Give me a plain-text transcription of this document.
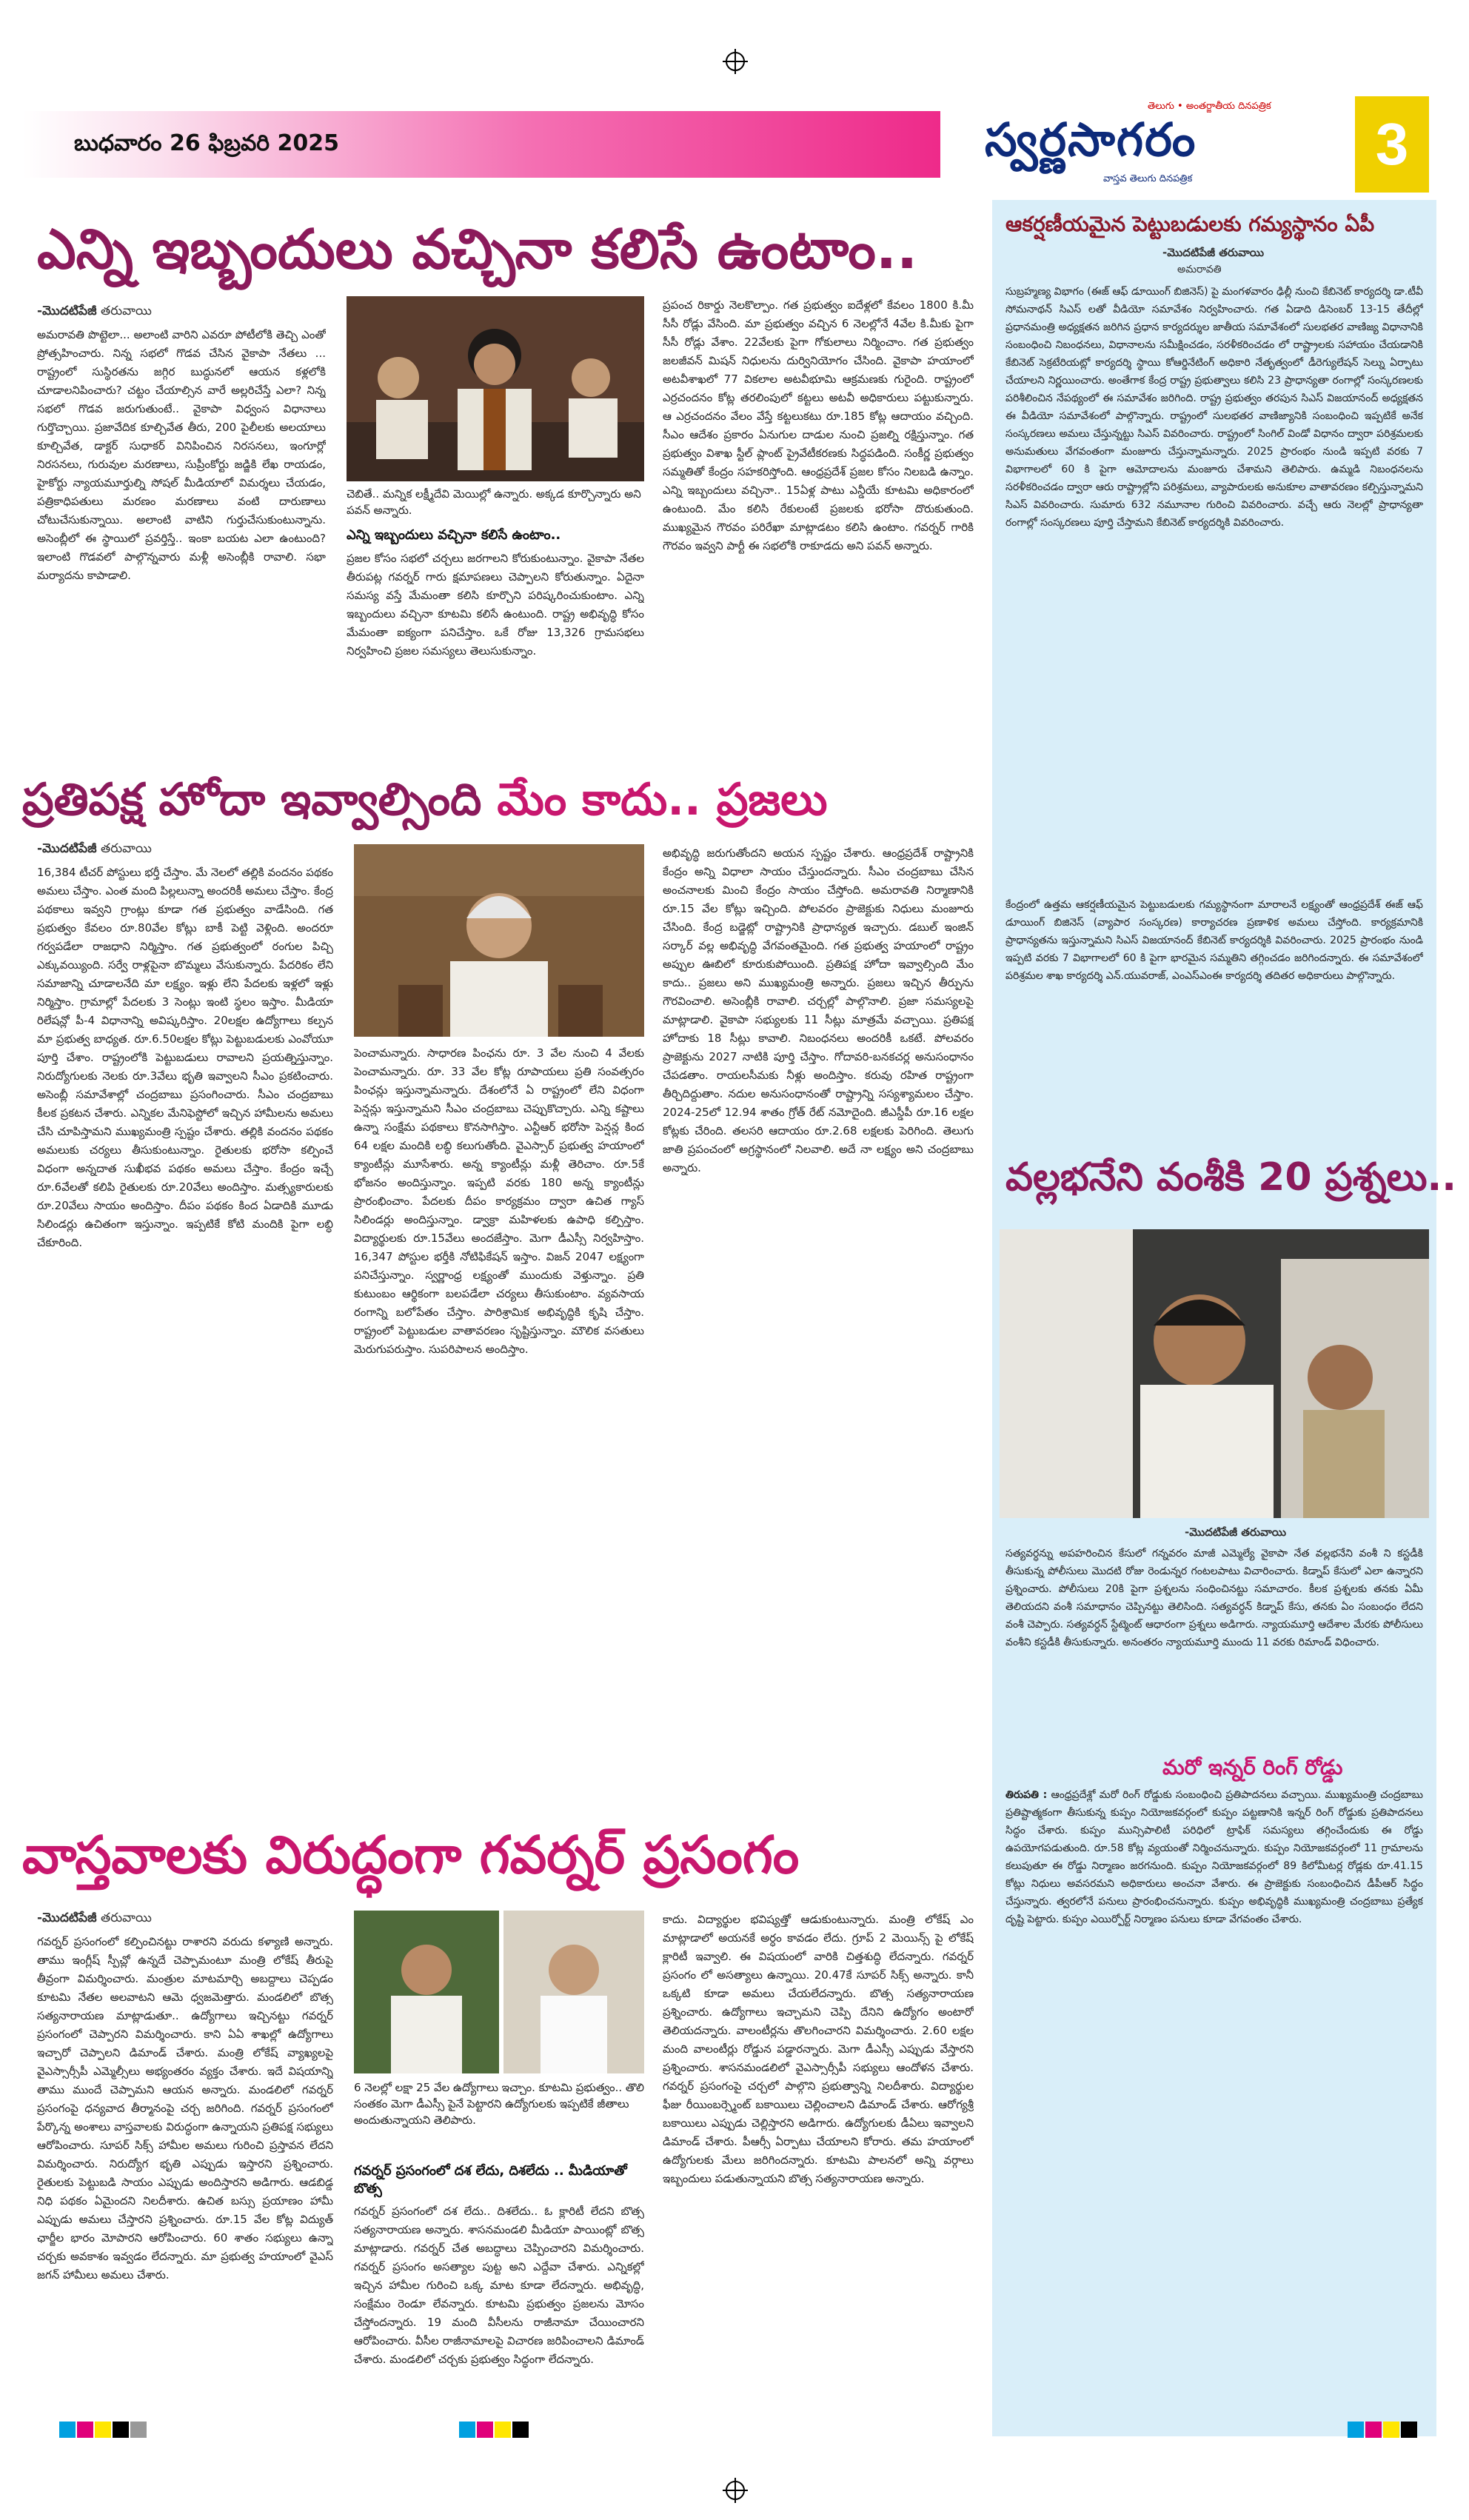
బుధవారం 26 ఫిబ్రవరి 2025
తెలుగు • అంతర్జాతీయ దినపత్రిక
స్వర్ణసాగరం
వాస్తవ తెలుగు దినపత్రిక
3
ఎన్ని ఇబ్బందులు వచ్చినా కలిసే ఉంటాం..
-మొదటిపేజీ తరువాయి
అమరావతి పొట్టెలా... అలాంటి వారిని ఎవరూ పోటీలోకి తెచ్చి ఎంతో ప్రోత్సహించారు. నిన్న సభలో గొడవ చేసిన వైకాపా నేతలు ... రాష్ట్రంలో సుస్థిరతను జగ్గిర బుద్ధునలో ఆయన కళ్లలోకి చూడాలనిపించారు? చట్టం చేయాల్సిన వారే అల్లరిచేస్తే ఎలా? నిన్న సభలో గొడవ జరుగుతుంటే.. వైకాపా విధ్వంస విధానాలు గుర్తొచ్చాయి. ప్రజావేదిక కూల్చివేత తీరు, 200 పైలీలకు అలయాలు కూల్చివేత, డాక్టర్ సుధాకర్ వినిపించిన నిరసనలు, ఇంగూర్లో నిరసనలు, గురువుల మరణాలు, సుప్రీంకోర్టు జడ్జికి లేఖ రాయడం, హైకోర్టు న్యాయమూర్తుల్ని సోషల్ మీడియాలో విమర్శలు చేయడం, పత్రికాధిపతులు మరణం మరణాలు వంటి దారుణాలు చోటుచేసుకున్నాయి. అలాంటి వాటిని గుర్తుచేసుకుంటున్నాను. అసెంబ్లీలో ఈ స్థాయిలో ప్రవర్తిస్తే.. ఇంకా బయట ఎలా ఉంటుంది? ఇలాంటి గొడవలో పాల్గొన్నవారు మళ్లీ అసెంబ్లీకి రావాలి. సభా మర్యాదను కాపాడాలి.
చెబితే.. మన్నిక లక్ష్మీదేవి మెయిల్లో ఉన్నారు. అక్కడ కూర్చొన్నారు అని పవన్ అన్నారు.
ఎన్ని ఇబ్బందులు వచ్చినా కలిసే ఉంటాం..
ప్రజల కోసం సభలో చర్చలు జరగాలని కోరుకుంటున్నాం. వైకాపా నేతల తీరుపట్ల గవర్నర్ గారు క్షమాపణలు చెప్పాలని కోరుతున్నాం. ఏదైనా సమస్య వస్తే మేమంతా కలిసి కూర్చొని పరిష్కరించుకుంటాం. ఎన్ని ఇబ్బందులు వచ్చినా కూటమి కలిసే ఉంటుంది. రాష్ట్ర అభివృద్ధి కోసం మేమంతా ఐక్యంగా పనిచేస్తాం. ఒకే రోజు 13,326 గ్రామసభలు నిర్వహించి ప్రజల సమస్యలు తెలుసుకున్నాం.
ప్రపంచ రికార్డు నెలకొల్పాం. గత ప్రభుత్వం ఐదేళ్లలో కేవలం 1800 కి.మీ సీసీ రోడ్లు వేసింది. మా ప్రభుత్వం వచ్చిన 6 నెలల్లోనే 4వేల కి.మీకు పైగా సీసీ రోడ్లు వేశాం. 22వేలకు పైగా గోకులాలు నిర్మించాం. గత ప్రభుత్వం జలజీవన్ మిషన్ నిధులను దుర్వినియోగం చేసింది. వైకాపా హయాంలో అటవీశాఖలో 77 వికలాల అటవీభూమి ఆక్రమణకు గురైంది. రాష్ట్రంలో ఎర్రచందనం కోట్ల తరలింపులో కట్టలు అటవీ అధికారులు పట్టుకున్నారు. ఆ ఎర్రచందనం వేలం వేస్తే కట్టలుకటు రూ.185 కోట్ల ఆదాయం వచ్చింది. సీఎం ఆదేశం ప్రకారం ఏనుగుల దాడుల నుంచి ప్రజల్ని రక్షిస్తున్నాం. గత ప్రభుత్వం విశాఖ స్టీల్ ప్లాంట్ ప్రైవేటీకరణకు సిద్ధపడింది. సంకీర్ణ ప్రభుత్వం సమ్మతితో కేంద్రం సహకరిస్తోంది. ఆంధ్రప్రదేశ్ ప్రజల కోసం నిలబడి ఉన్నాం. ఎన్ని ఇబ్బందులు వచ్చినా.. 15ఏళ్ల పాటు ఎన్డీయే కూటమి అధికారంలో ఉంటుంది. మేం కలిసి రేకులంటే ప్రజలకు భరోసా దొరుకుతుంది. ముఖ్యమైన గౌరవం పరిరేఖా మాట్లాడటం కలిసి ఉంటాం. గవర్నర్ గారికి గౌరవం ఇవ్వని పార్టీ ఈ సభలోకి రాకూడదు అని పవన్ అన్నారు.
ప్రతిపక్ష హోదా ఇవ్వాల్సింది మేం కాదు.. ప్రజలు
-మొదటిపేజీ తరువాయి
16,384 టీచర్ పోస్టులు భర్తీ చేస్తాం. మే నెలలో తల్లికి వందనం పథకం అమలు చేస్తాం. ఎంత మంది పిల్లలున్నా అందరికీ అమలు చేస్తాం. కేంద్ర పథకాలు ఇవ్వని గ్రాంట్లు కూడా గత ప్రభుత్వం వాడేసింది. గత ప్రభుత్వం కేవలం రూ.80వేల కోట్లు బాకీ పెట్టి వెళ్లింది. అందరూ గర్వపడేలా రాజధాని నిర్మిస్తాం. గత ప్రభుత్వంలో రంగుల పిచ్చి ఎక్కువయ్యింది. సర్వే రాళ్లపైనా బొమ్మలు వేసుకున్నారు. పేదరికం లేని సమాజాన్ని చూడాలనేది మా లక్ష్యం. ఇళ్లు లేని పేదలకు ఇళ్లలో ఇళ్లు నిర్మిస్తాం. గ్రామాల్లో పేదలకు 3 సెంట్లు ఇంటి స్థలం ఇస్తాం. మీడియా రిలేషన్లో పీ-4 విధానాన్ని అవిష్కరిస్తాం. 20లక్షల ఉద్యోగాలు కల్పన మా ప్రభుత్వ బాధ్యత. రూ.6.50లక్షల కోట్లు పెట్టుబడులకు ఎంవోయూ పూర్తి చేశాం. రాష్ట్రంలోకి పెట్టుబడులు రావాలని ప్రయత్నిస్తున్నాం. నిరుద్యోగులకు నెలకు రూ.3వేలు భృతి ఇవ్వాలని సీఎం ప్రకటించారు. అసెంబ్లీ సమావేశాల్లో చంద్రబాబు ప్రసంగించారు. సీఎం చంద్రబాబు కీలక ప్రకటన చేశారు. ఎన్నికల మేనిఫెస్టోలో ఇచ్చిన హామీలను అమలు చేసి చూపిస్తామని ముఖ్యమంత్రి స్పష్టం చేశారు. తల్లికి వందనం పథకం అమలుకు చర్యలు తీసుకుంటున్నాం. రైతులకు భరోసా కల్పించే విధంగా అన్నదాత సుఖీభవ పథకం అమలు చేస్తాం. కేంద్రం ఇచ్చే రూ.6వేలతో కలిపి రైతులకు రూ.20వేలు అందిస్తాం. మత్స్యకారులకు రూ.20వేలు సాయం అందిస్తాం. దీపం పథకం కింద ఏడాదికి మూడు సిలిండర్లు ఉచితంగా ఇస్తున్నాం. ఇప్పటికే కోటి మందికి పైగా లబ్ధి చేకూరింది.
పెంచామన్నారు. సాధారణ పింఛను రూ. 3 వేల నుంచి 4 వేలకు పెంచామన్నారు. రూ. 33 వేల కోట్ల రూపాయలు ప్రతి సంవత్సరం పింఛన్లు ఇస్తున్నామన్నారు. దేశంలోనే ఏ రాష్ట్రంలో లేని విధంగా పెన్షన్లు ఇస్తున్నామని సీఎం చంద్రబాబు చెప్పుకొచ్చారు. ఎన్ని కష్టాలు ఉన్నా సంక్షేమ పథకాలు కొనసాగిస్తాం. ఎన్టీఆర్ భరోసా పెన్షన్ల కింద 64 లక్షల మందికి లబ్ధి కలుగుతోంది. వైఎస్సార్ ప్రభుత్వ హయాంలో క్యాంటీన్లు మూసేశారు. అన్న క్యాంటీన్లు మళ్లీ తెరిచాం. రూ.5కే భోజనం అందిస్తున్నాం. ఇప్పటి వరకు 180 అన్న క్యాంటీన్లు ప్రారంభించాం. పేదలకు దీపం కార్యక్రమం ద్వారా ఉచిత గ్యాస్ సిలిండర్లు అందిస్తున్నాం. డ్వాక్రా మహిళలకు ఉపాధి కల్పిస్తాం. విద్యార్థులకు రూ.15వేలు అందజేస్తాం. మెగా డీఎస్సీ నిర్వహిస్తాం. 16,347 పోస్టుల భర్తీకి నోటిఫికేషన్ ఇస్తాం. విజన్ 2047 లక్ష్యంగా పనిచేస్తున్నాం. స్వర్ణాంధ్ర లక్ష్యంతో ముందుకు వెళ్తున్నాం. ప్రతి కుటుంబం ఆర్థికంగా బలపడేలా చర్యలు తీసుకుంటాం. వ్యవసాయ రంగాన్ని బలోపేతం చేస్తాం. పారిశ్రామిక అభివృద్ధికి కృషి చేస్తాం. రాష్ట్రంలో పెట్టుబడుల వాతావరణం సృష్టిస్తున్నాం. మౌలిక వసతులు మెరుగుపరుస్తాం. సుపరిపాలన అందిస్తాం.
అభివృద్ధి జరుగుతోందని అయన స్పష్టం చేశారు. ఆంధ్రప్రదేశ్ రాష్ట్రానికి కేంద్రం అన్ని విధాలా సాయం చేస్తుందన్నారు. సీఎం చంద్రబాబు చేసిన అంచనాలకు మించి కేంద్రం సాయం చేస్తోంది. అమరావతి నిర్మాణానికి రూ.15 వేల కోట్లు ఇచ్చింది. పోలవరం ప్రాజెక్టుకు నిధులు మంజూరు చేసింది. కేంద్ర బడ్జెట్లో రాష్ట్రానికి ప్రాధాన్యత ఇచ్చారు. డబుల్ ఇంజిన్ సర్కార్ వల్ల అభివృద్ధి వేగవంతమైంది. గత ప్రభుత్వ హయాంలో రాష్ట్రం అప్పుల ఊబిలో కూరుకుపోయింది. ప్రతిపక్ష హోదా ఇవ్వాల్సింది మేం కాదు.. ప్రజలు అని ముఖ్యమంత్రి అన్నారు. ప్రజలు ఇచ్చిన తీర్పును గౌరవించాలి. అసెంబ్లీకి రావాలి. చర్చల్లో పాల్గొనాలి. ప్రజా సమస్యలపై మాట్లాడాలి. వైకాపా సభ్యులకు 11 సీట్లు మాత్రమే వచ్చాయి. ప్రతిపక్ష హోదాకు 18 సీట్లు కావాలి. నిబంధనలు అందరికీ ఒకటే. పోలవరం ప్రాజెక్టును 2027 నాటికి పూర్తి చేస్తాం. గోదావరి-బనకచర్ల అనుసంధానం చేపడతాం. రాయలసీమకు నీళ్లు అందిస్తాం. కరువు రహిత రాష్ట్రంగా తీర్చిదిద్దుతాం. నదుల అనుసంధానంతో రాష్ట్రాన్ని సస్యశ్యామలం చేస్తాం. 2024-25లో 12.94 శాతం గ్రోత్ రేట్ నమోదైంది. జీఎస్డీపీ రూ.16 లక్షల కోట్లకు చేరింది. తలసరి ఆదాయం రూ.2.68 లక్షలకు పెరిగింది. తెలుగు జాతి ప్రపంచంలో అగ్రస్థానంలో నిలవాలి. అదే నా లక్ష్యం అని చంద్రబాబు అన్నారు.
వాస్తవాలకు విరుద్ధంగా గవర్నర్ ప్రసంగం
-మొదటిపేజీ తరువాయి
గవర్నర్ ప్రసంగంలో కల్పించినట్టు రాశారని వరుదు కళ్యాణి అన్నారు. తాము ఇంగ్లీష్ స్పీచ్లో ఉన్నదే చెప్పామంటూ మంత్రి లోకేష్ తీరుపై తీవ్రంగా విమర్శించారు. మంత్రుల మాటమార్చి అబద్దాలు చెప్పడం కూటమి నేతల అలవాటని ఆమె ధ్వజమెత్తారు. మండలిలో బొత్స సత్యనారాయణ మాట్లాడుతూ.. ఉద్యోగాలు ఇచ్చినట్టు గవర్నర్ ప్రసంగంలో చెప్పారని విమర్శించారు. కాని ఏఏ శాఖల్లో ఉద్యోగాలు ఇచ్చారో చెప్పాలని డిమాండ్ చేశారు. మంత్రి లోకేష్ వ్యాఖ్యలపై వైఎస్సార్సీపీ ఎమ్మెల్సీలు అభ్యంతరం వ్యక్తం చేశారు. ఇదే విషయాన్ని తాము ముందే చెప్పామని ఆయన అన్నారు. మండలిలో గవర్నర్ ప్రసంగంపై ధన్యవాద తీర్మానంపై చర్చ జరిగింది. గవర్నర్ ప్రసంగంలో పేర్కొన్న అంశాలు వాస్తవాలకు విరుద్ధంగా ఉన్నాయని ప్రతిపక్ష సభ్యులు ఆరోపించారు. సూపర్ సిక్స్ హామీల అమలు గురించి ప్రస్తావన లేదని విమర్శించారు. నిరుద్యోగ భృతి ఎప్పుడు ఇస్తారని ప్రశ్నించారు. రైతులకు పెట్టుబడి సాయం ఎప్పుడు అందిస్తారని అడిగారు. ఆడబిడ్డ నిధి పథకం ఏమైందని నిలదీశారు. ఉచిత బస్సు ప్రయాణం హామీ ఎప్పుడు అమలు చేస్తారని ప్రశ్నించారు. రూ.15 వేల కోట్ల విద్యుత్ ఛార్జీల భారం మోపారని ఆరోపించారు. 60 శాతం సభ్యులు ఉన్నా చర్చకు అవకాశం ఇవ్వడం లేదన్నారు. మా ప్రభుత్వ హయాంలో వైఎస్ జగన్ హామీలు అమలు చేశారు.
6 నెలల్లో లక్షా 25 వేల ఉద్యోగాలు ఇచ్చాం. కూటమి ప్రభుత్వం.. తొలి సంతకం మెగా డీఎస్సీ పైనే పెట్టారని ఉద్యోగులకు ఇప్పటికే జీతాలు అందుతున్నాయని తెలిపారు.
గవర్నర్ ప్రసంగంలో దశ లేదు, దిశలేదు .. మీడియాతో బొత్స
గవర్నర్ ప్రసంగంలో దశ లేదు.. దిశలేదు.. ఓ క్లారిటీ లేదని బొత్స సత్యనారాయణ అన్నారు. శాసనమండలి మీడియా పాయింట్లో బొత్స మాట్లాడారు. గవర్నర్ చేత అబద్ధాలు చెప్పించారని విమర్శించారు. గవర్నర్ ప్రసంగం అసత్యాల పుట్ట అని ఎద్దేవా చేశారు. ఎన్నికల్లో ఇచ్చిన హామీల గురించి ఒక్క మాట కూడా లేదన్నారు. అభివృద్ధి, సంక్షేమం రెండూ లేవన్నారు. కూటమి ప్రభుత్వం ప్రజలను మోసం చేస్తోందన్నారు. 19 మంది వీసీలను రాజీనామా చేయించారని ఆరోపించారు. వీసీల రాజీనామాలపై విచారణ జరిపించాలని డిమాండ్ చేశారు. మండలిలో చర్చకు ప్రభుత్వం సిద్ధంగా లేదన్నారు.
కాదు. విద్యార్థుల భవిష్యత్తో ఆడుకుంటున్నారు. మంత్రి లోకేష్ ఎం మాట్లాడాలో అయనకే అర్ధం కావడం లేదు. గ్రూప్ 2 మెయిన్స్ పై లోకేష్ క్లారిటీ ఇవ్వాలి. ఈ విషయంలో వారికి చిత్తశుద్ధి లేదన్నారు. గవర్నర్ ప్రసంగం లో అసత్యాలు ఉన్నాయి. 20.47కే సూపర్ సిక్స్ అన్నారు. కానీ ఒక్కటి కూడా అమలు చేయలేదన్నారు. బొత్స సత్యనారాయణ ప్రశ్నించారు. ఉద్యోగాలు ఇచ్చామని చెప్పి దేనిని ఉద్యోగం అంటారో తెలియదన్నారు. వాలంటీర్లను తొలగించారని విమర్శించారు. 2.60 లక్షల మంది వాలంటీర్లు రోడ్డున పడ్డారన్నారు. మెగా డీఎస్సీ ఎప్పుడు వేస్తారని ప్రశ్నించారు. శాసనమండలిలో వైఎస్సార్సీపీ సభ్యులు ఆందోళన చేశారు. గవర్నర్ ప్రసంగంపై చర్చలో పాల్గొని ప్రభుత్వాన్ని నిలదీశారు. విద్యార్థుల ఫీజు రీయింబర్స్మెంట్ బకాయిలు చెల్లించాలని డిమాండ్ చేశారు. ఆరోగ్యశ్రీ బకాయిలు ఎప్పుడు చెల్లిస్తారని అడిగారు. ఉద్యోగులకు డీఏలు ఇవ్వాలని డిమాండ్ చేశారు. పీఆర్సీ ఏర్పాటు చేయాలని కోరారు. తమ హయాంలో ఉద్యోగులకు మేలు జరిగిందన్నారు. కూటమి పాలనలో అన్ని వర్గాలు ఇబ్బందులు పడుతున్నాయని బొత్స సత్యనారాయణ అన్నారు.
ఆకర్షణీయమైన పెట్టుబడులకు గమ్యస్థానం ఏపీ
-మొదటిపేజీ తరువాయి
అమరావతి
సుబ్రహ్మణ్య విభాగం (ఈజ్ ఆఫ్ డూయింగ్ బిజినెస్) పై మంగళవారం ఢిల్లీ నుంచి కేబినెట్ కార్యదర్శి డా.టీవీ సోమనాథన్ సిఎస్ లతో వీడియో సమావేశం నిర్వహించారు. గత ఏడాది డిసెంబర్ 13-15 తేదీల్లో ప్రధానమంత్రి అధ్యక్షతన జరిగిన ప్రధాన కార్యదర్శుల జాతీయ సమావేశంలో సులభతర వాణిజ్య విధానానికి సంబంధించి నిబంధనలు, విధానాలను సమీక్షించడం, సరళీకరించడం లో రాష్ట్రాలకు సహాయం చేయడానికి కేబినెట్ సెక్రటేరియట్లో కార్యదర్శి స్థాయి కోఆర్డినేటింగ్ అధికారి నేతృత్వంలో డీరెగ్యులేషన్ సెల్ను ఏర్పాటు చేయాలని నిర్ణయించారు. అంతేగాక కేంద్ర రాష్ట్ర ప్రభుత్వాలు కలిసి 23 ప్రాధాన్యతా రంగాల్లో సంస్కరణలకు పరిశీలించిన నేపథ్యంలో ఈ సమావేశం జరిగింది. రాష్ట్ర ప్రభుత్వం తరపున సిఎస్ విజయానంద్ అధ్యక్షతన ఈ వీడియో సమావేశంలో పాల్గొన్నారు. రాష్ట్రంలో సులభతర వాణిజ్యానికి సంబంధించి ఇప్పటికే అనేక సంస్కరణలు అమలు చేస్తున్నట్టు సిఎస్ వివరించారు. రాష్ట్రంలో సింగిల్ విండో విధానం ద్వారా పరిశ్రమలకు అనుమతులు వేగవంతంగా మంజూరు చేస్తున్నామన్నారు. 2025 ప్రారంభం నుండి ఇప్పటి వరకు 7 విభాగాలలో 60 కి పైగా ఆమోదాలను మంజూరు చేశామని తెలిపారు. ఉమ్మడి నిబంధనలను సరళీకరించడం ద్వారా ఆరు రాష్ట్రాల్లోని పరిశ్రమలు, వ్యాపారులకు అనుకూల వాతావరణం కల్పిస్తున్నామని సిఎస్ వివరించారు. సుమారు 632 నమూనాల గురించి వివరించారు. వచ్చే ఆరు నెలల్లో ప్రాధాన్యతా రంగాల్లో సంస్కరణలు పూర్తి చేస్తామని కేబినెట్ కార్యదర్శికి వివరించారు.
కేంద్రంలో ఉత్తమ ఆకర్షణీయమైన పెట్టుబడులకు గమ్యస్థానంగా మారాలనే లక్ష్యంతో ఆంధ్రప్రదేశ్ ఈజ్ ఆఫ్ డూయింగ్ బిజినెస్ (వ్యాపార సంస్కరణ) కార్యాచరణ ప్రణాళిక అమలు చేస్తోంది. కార్యక్రమానికి ప్రాధాన్యతను ఇస్తున్నామని సిఎస్ విజయానంద్ కేబినెట్ కార్యదర్శికి వివరించారు. 2025 ప్రారంభం నుండి ఇప్పటి వరకు 7 విభాగాలలో 60 కి పైగా భారమైన సమ్మతిని తగ్గించడం జరిగిందన్నారు. ఈ సమావేశంలో పరిశ్రమల శాఖ కార్యదర్శి ఎన్.యువరాజ్, ఎంఎస్ఎంఈ కార్యదర్శి తదితర అధికారులు పాల్గొన్నారు.
వల్లభనేని వంశీకి 20 ప్రశ్నలు..
-మొదటిపేజీ తరువాయి
సత్యవర్ధన్ను అపహరించిన కేసులో గన్నవరం మాజీ ఎమ్మెల్యే వైకాపా నేత వల్లభనేని వంశీ ని కస్టడీకి తీసుకున్న పోలీసులు మొదటి రోజు రెండున్నర గంటలపాటు విచారించారు. కిడ్నాప్ కేసులో ఎలా ఉన్నారని ప్రశ్నించారు. పోలీసులు 20కి పైగా ప్రశ్నలను సంధించినట్టు సమాచారం. కీలక ప్రశ్నలకు తనకు ఏమీ తెలియదని వంశీ సమాధానం చెప్పినట్టు తెలిసింది. సత్యవర్ధన్ కిడ్నాప్ కేసు, తనకు ఏం సంబంధం లేదని వంశీ చెప్పారు. సత్యవర్ధన్ స్టేట్మెంట్ ఆధారంగా ప్రశ్నలు అడిగారు. న్యాయమూర్తి ఆదేశాల మేరకు పోలీసులు వంశీని కస్టడీకి తీసుకున్నారు. అనంతరం న్యాయమూర్తి ముందు 11 వరకు రిమాండ్ విధించారు.
మరో ఇన్నర్ రింగ్ రోడ్డు
తిరుపతి : ఆంధ్రప్రదేశ్లో మరో రింగ్ రోడ్డుకు సంబంధించి ప్రతిపాదనలు వచ్చాయి. ముఖ్యమంత్రి చంద్రబాబు ప్రతిష్టాత్మకంగా తీసుకున్న కుప్పం నియోజకవర్గంలో కుప్పం పట్టణానికి ఇన్నర్ రింగ్ రోడ్డుకు ప్రతిపాదనలు సిద్ధం చేశారు. కుప్పం మున్సిపాలిటీ పరిధిలో ట్రాఫిక్ సమస్యలు తగ్గించేందుకు ఈ రోడ్డు ఉపయోగపడుతుంది. రూ.58 కోట్ల వ్యయంతో నిర్మించనున్నారు. కుప్పం నియోజకవర్గంలో 11 గ్రామాలను కలుపుతూ ఈ రోడ్డు నిర్మాణం జరగనుంది. కుప్పం నియోజకవర్గంలో 89 కిలోమీటర్ల రోడ్లకు రూ.41.15 కోట్లు నిధులు అవసరమని అధికారులు అంచనా వేశారు. ఈ ప్రాజెక్టుకు సంబంధించిన డీపీఆర్ సిద్ధం చేస్తున్నారు. త్వరలోనే పనులు ప్రారంభించనున్నారు. కుప్పం అభివృద్ధికి ముఖ్యమంత్రి చంద్రబాబు ప్రత్యేక దృష్టి పెట్టారు. కుప్పం ఎయిర్పోర్ట్ నిర్మాణం పనులు కూడా వేగవంతం చేశారు.
